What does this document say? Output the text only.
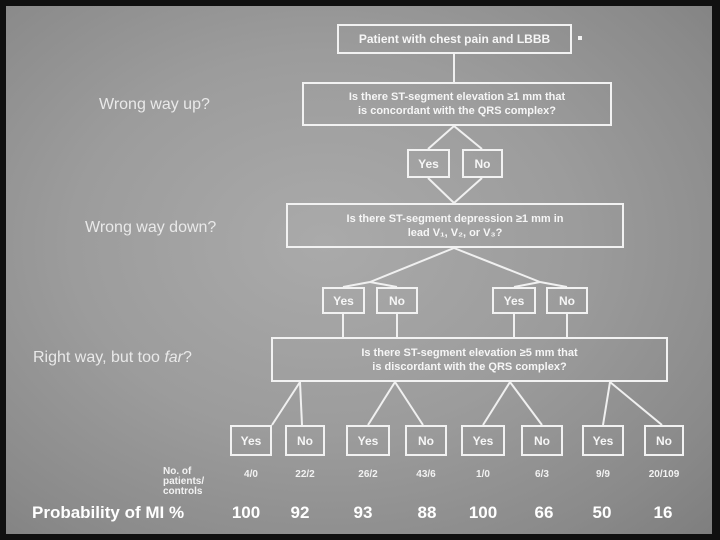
Wrong way up?
Wrong way down?
Right way, but too far?
Patient with chest pain and LBBB
Is there ST-segment elevation ≥1 mm that
is concordant with the QRS complex?
Yes	No
Is there ST-segment depression ≥1 mm in
lead V₁, V₂, or V₃?
Yes	No	Yes	No
Is there ST-segment elevation ≥5 mm that
is discordant with the QRS complex?
Yes	No	Yes	No	Yes	No	Yes	No
No. of
patients/
controls
4/0	22/2	26/2	43/6	1/0	6/3	9/9	20/109
Probability of MI %	100	92	93	88	100	66	50	16
